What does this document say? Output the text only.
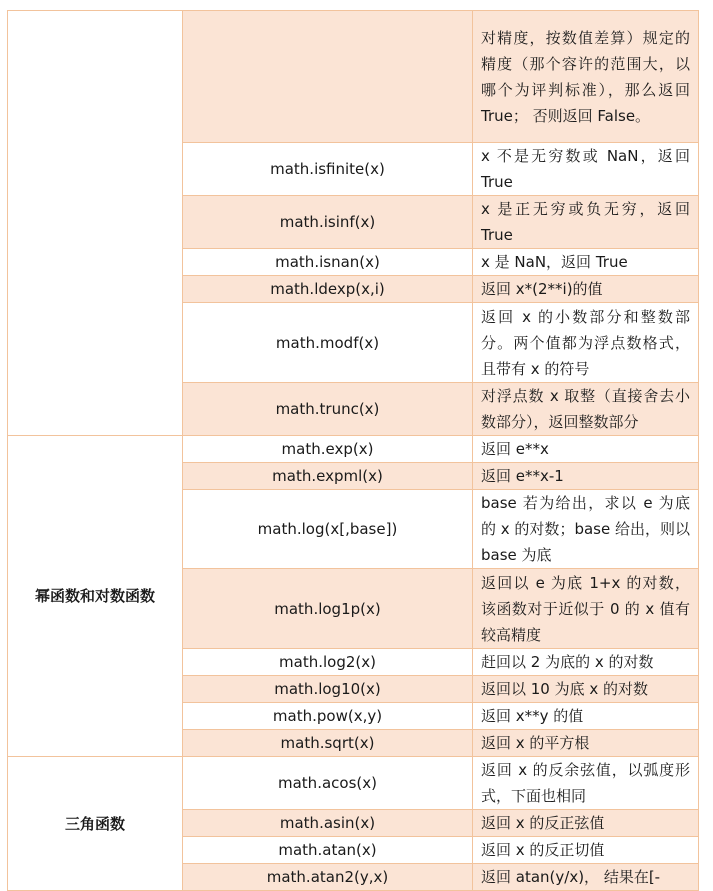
		对精度，按数值差算）规定的精度（那个容许的范围大，以哪个为评判标准），那么返回 True； 否则返回 False。
	math.isfinite(x)	x 不是无穷数或 NaN，返回 True
	math.isinf(x)	x 是正无穷或负无穷，返回 True
	math.isnan(x)	x 是 NaN，返回 True
	math.ldexp(x,i)	返回 x*(2**i)的值
	math.modf(x)	返回 x 的小数部分和整数部分。两个值都为浮点数格式，且带有 x 的符号
	math.trunc(x)	对浮点数 x 取整（直接舍去小数部分），返回整数部分
幂函数和对数函数	math.exp(x)	返回 e**x
	math.expml(x)	返回 e**x-1
	math.log(x[,base])	base 若为给出，求以 e 为底的 x 的对数；base 给出，则以 base 为底
	math.log1p(x)	返回以 e 为底 1+x 的对数，该函数对于近似于 0 的 x 值有较高精度
	math.log2(x)	赶回以 2 为底的 x 的对数
	math.log10(x)	返回以 10 为底 x 的对数
	math.pow(x,y)	返回 x**y 的值
	math.sqrt(x)	返回 x 的平方根
三角函数	math.acos(x)	返回 x 的反余弦值，以弧度形式，下面也相同
	math.asin(x)	返回 x 的反正弦值
	math.atan(x)	返回 x 的反正切值
	math.atan2(y,x)	返回 atan(y/x)， 结果在[-
